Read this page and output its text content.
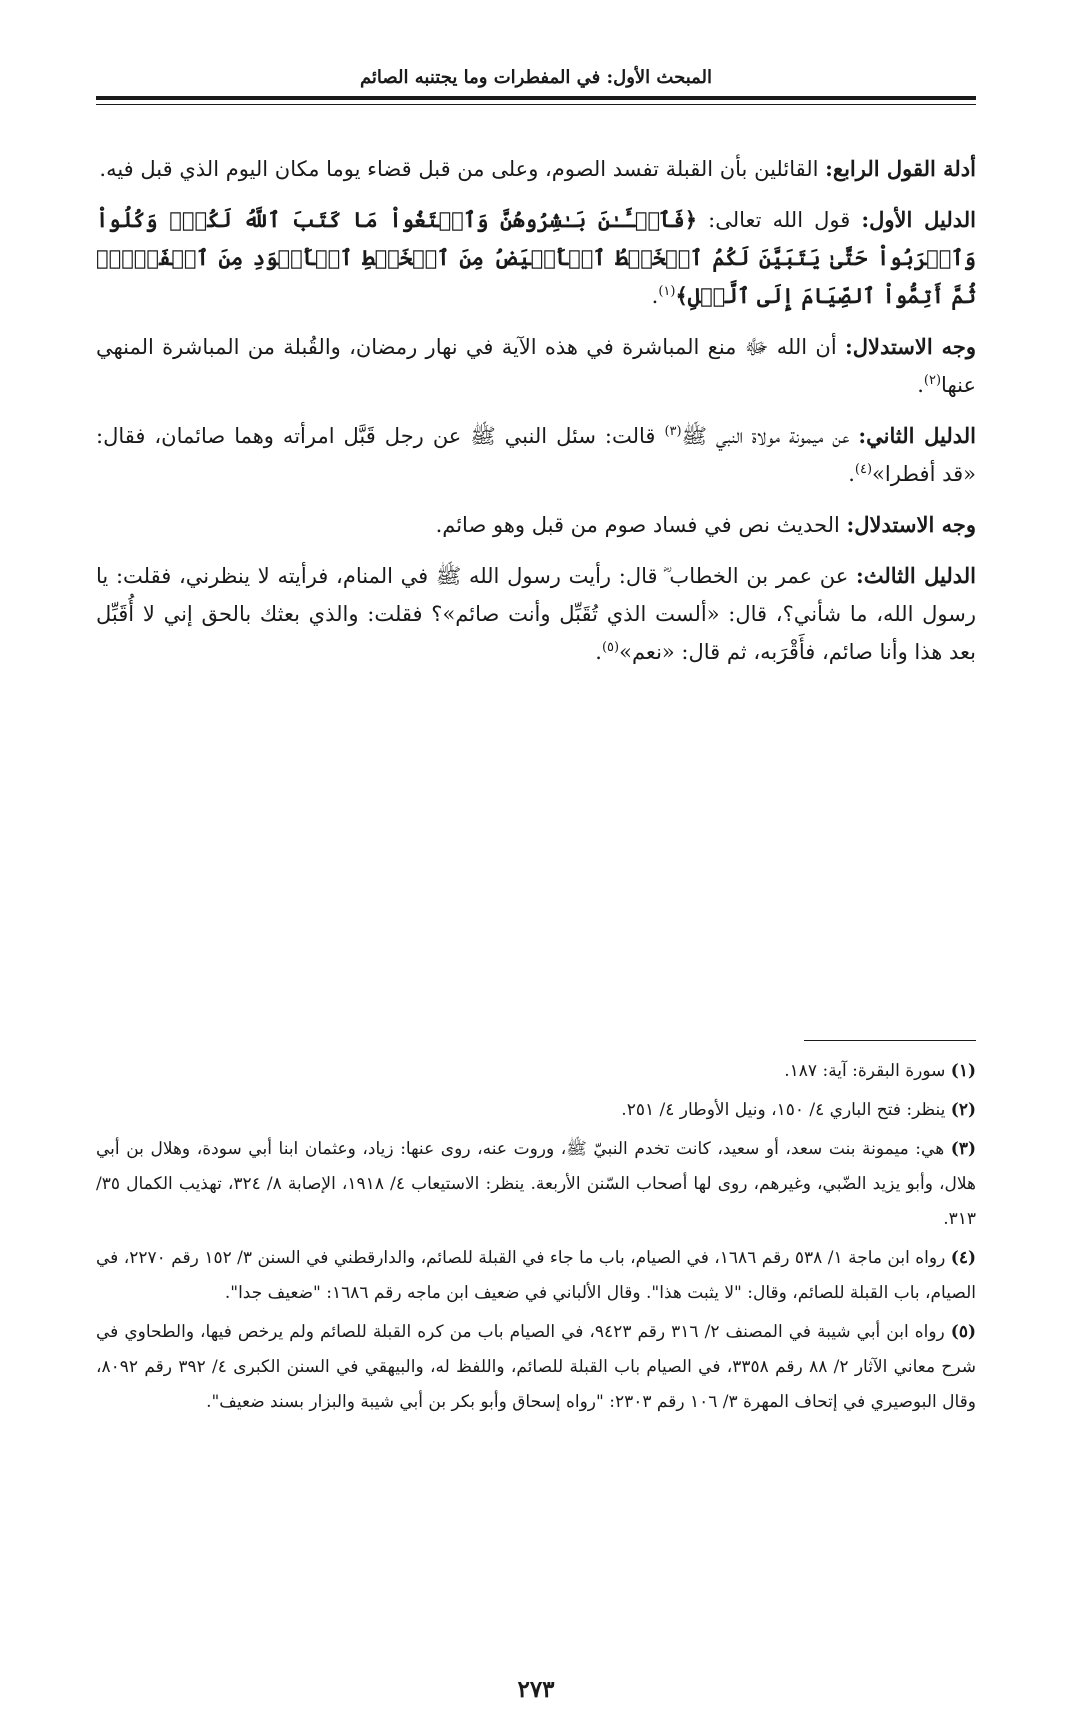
المبحث الأول: في المفطرات وما يجتنبه الصائم

أدلة القول الرابع: القائلين بأن القبلة تفسد الصوم، وعلى من قبل قضاء يوما مكان اليوم الذي قبل فيه.

الدليل الأول: قول الله تعالى: ﴿فَٱلۡـَٔـٰنَ بَـٰشِرُوهُنَّ وَٱبۡتَغُواْ مَا كَتَبَ ٱللَّهُ لَكُمۡۚ وَكُلُواْ وَٱشۡرَبُواْ حَتَّىٰ يَتَبَيَّنَ لَكُمُ ٱلۡخَيۡطُ ٱلۡأَبۡيَضُ مِنَ ٱلۡخَيۡطِ ٱلۡأَسۡوَدِ مِنَ ٱلۡفَجۡرِۖ ثُمَّ أَتِمُّواْ ٱلصِّيَامَ إِلَى ٱلَّيۡلِ﴾$^{(١)}$.

وجه الاستدلال: أن الله ﷻ منع المباشرة في هذه الآية في نهار رمضان، والقُبلة من المباشرة المنهي عنها$^{(٢)}$.

الدليل الثاني: عن ميمونة مولاة النبي ﷺ$^{(٣)}$ قالت: سئل النبي ﷺ عن رجل قَبَّل امرأته وهما صائمان، فقال: «قد أفطرا»$^{(٤)}$.

وجه الاستدلال: الحديث نص في فساد صوم من قبل وهو صائم.

الدليل الثالث: عن عمر بن الخطاب ؓ قال: رأيت رسول الله ﷺ في المنام، فرأيته لا ينظرني، فقلت: يا رسول الله، ما شأني؟، قال: «ألست الذي تُقَبِّل وأنت صائم»؟ فقلت: والذي بعثك بالحق إني لا أُقَبِّل بعد هذا وأنا صائم، فأَقْرَبه، ثم قال: «نعم»$^{(٥)}$.

(١) سورة البقرة: آية: ١٨٧.

(٢) ينظر: فتح الباري ٤/ ١٥٠، ونيل الأوطار ٤/ ٢٥١.

(٣) هي: ميمونة بنت سعد، أو سعيد، كانت تخدم النبيّ ﷺ، وروت عنه، روى عنها: زياد، وعثمان ابنا أبي سودة، وهلال بن أبي هلال، وأبو يزيد الضّبي، وغيرهم، روى لها أصحاب السّنن الأربعة. ينظر: الاستيعاب ٤/ ١٩١٨، الإصابة ٨/ ٣٢٤، تهذيب الكمال ٣٥/ ٣١٣.

(٤) رواه ابن ماجة ١/ ٥٣٨ رقم ١٦٨٦، في الصيام، باب ما جاء في القبلة للصائم، والدارقطني في السنن ٣/ ١٥٢ رقم ٢٢٧٠، في الصيام، باب القبلة للصائم، وقال: "لا يثبت هذا". وقال الألباني في ضعيف ابن ماجه رقم ١٦٨٦: "ضعيف جدا".

(٥) رواه ابن أبي شيبة في المصنف ٢/ ٣١٦ رقم ٩٤٢٣، في الصيام باب من كره القبلة للصائم ولم يرخص فيها، والطحاوي في شرح معاني الآثار ٢/ ٨٨ رقم ٣٣٥٨، في الصيام باب القبلة للصائم، واللفظ له، والبيهقي في السنن الكبرى ٤/ ٣٩٢ رقم ٨٠٩٢، وقال البوصيري في إتحاف المهرة ٣/ ١٠٦ رقم ٢٣٠٣: "رواه إسحاق وأبو بكر بن أبي شيبة والبزار بسند ضعيف".

٢٧٣
